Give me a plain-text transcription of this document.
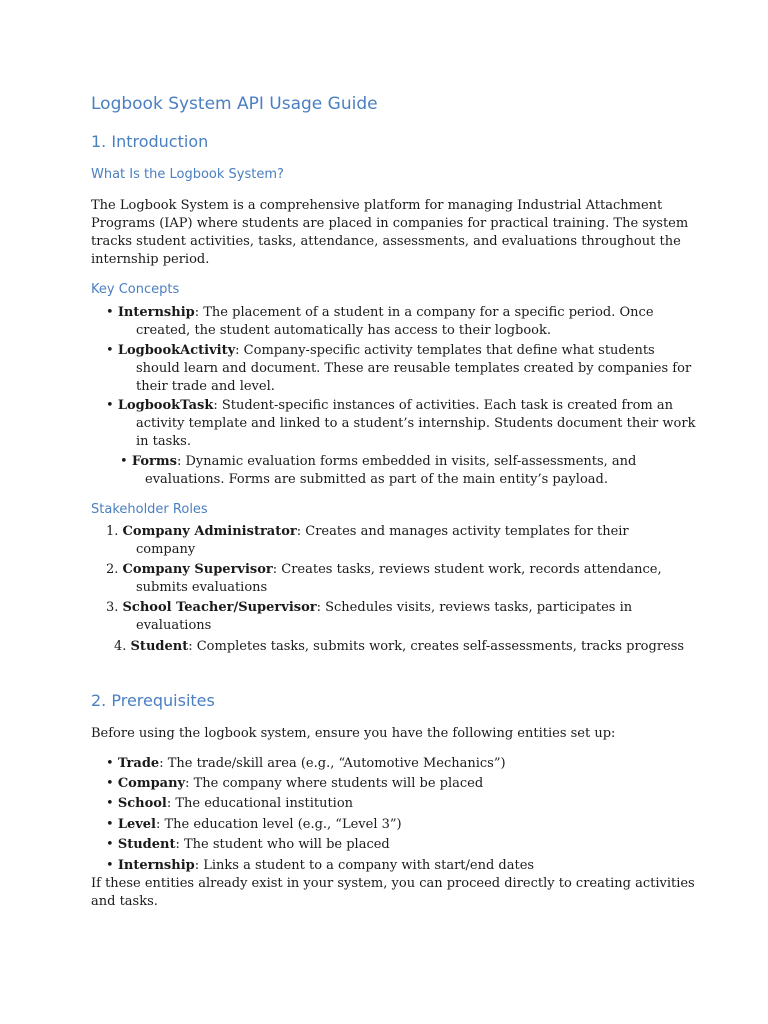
Logbook System API Usage Guide
1. Introduction
What Is the Logbook System?
The Logbook System is a comprehensive platform for managing Industrial Attachment
Programs (IAP) where students are placed in companies for practical training. The system
tracks student activities, tasks, attendance, assessments, and evaluations throughout the
internship period.
Key Concepts
• Internship: The placement of a student in a company for a specific period. Once
created, the student automatically has access to their logbook.
• LogbookActivity: Company-specific activity templates that define what students
should learn and document. These are reusable templates created by companies for
their trade and level.
• LogbookTask: Student-specific instances of activities. Each task is created from an
activity template and linked to a student’s internship. Students document their work
in tasks.
• Forms: Dynamic evaluation forms embedded in visits, self-assessments, and
evaluations. Forms are submitted as part of the main entity’s payload.
Stakeholder Roles
1. Company Administrator: Creates and manages activity templates for their
company
2. Company Supervisor: Creates tasks, reviews student work, records attendance,
submits evaluations
3. School Teacher/Supervisor: Schedules visits, reviews tasks, participates in
evaluations
4. Student: Completes tasks, submits work, creates self-assessments, tracks progress
2. Prerequisites
Before using the logbook system, ensure you have the following entities set up:
• Trade: The trade/skill area (e.g., “Automotive Mechanics”)
• Company: The company where students will be placed
• School: The educational institution
• Level: The education level (e.g., “Level 3”)
• Student: The student who will be placed
• Internship: Links a student to a company with start/end dates
If these entities already exist in your system, you can proceed directly to creating activities
and tasks.
